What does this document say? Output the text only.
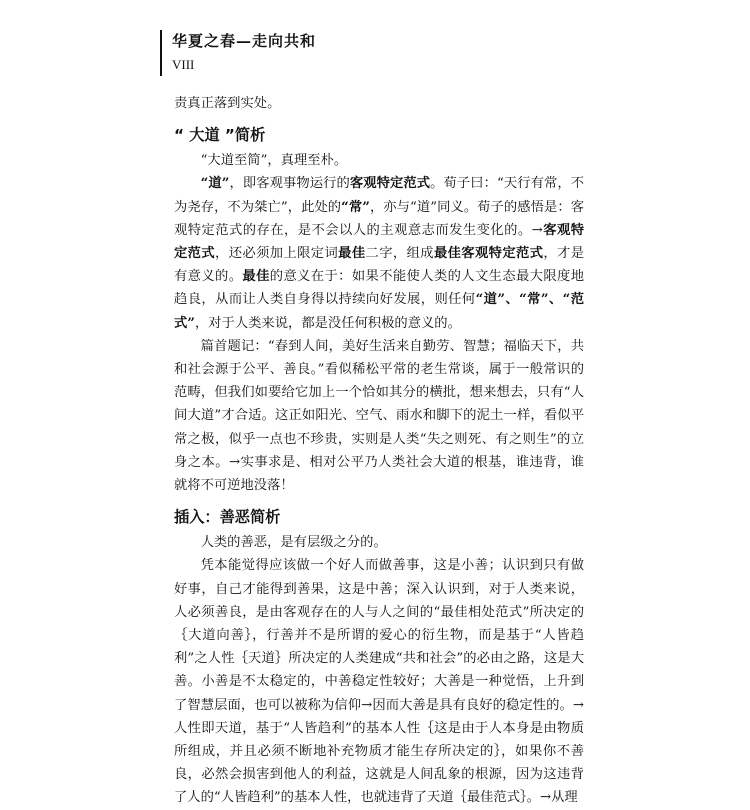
华夏之春—走向共和
VIII

责真正落到实处。

“ 大道 ”简析

“大道至简”，真理至朴。

“道”，即客观事物运行的客观特定范式。荀子曰：“天行有常，不为尧存，不为桀亡”，此处的“常”，亦与“道”同义。荀子的感悟是：客观特定范式的存在，是不会以人的主观意志而发生变化的。→客观特定范式，还必须加上限定词最佳二字，组成最佳客观特定范式，才是有意义的。最佳的意义在于：如果不能使人类的人文生态最大限度地趋良，从而让人类自身得以持续向好发展，则任何“道”、“常”、“范式”，对于人类来说，都是没任何积极的意义的。

篇首题记：“春到人间，美好生活来自勤劳、智慧；福临天下，共和社会源于公平、善良。”看似稀松平常的老生常谈，属于一般常识的范畴，但我们如要给它加上一个恰如其分的横批，想来想去，只有“人间大道”才合适。这正如阳光、空气、雨水和脚下的泥土一样，看似平常之极，似乎一点也不珍贵，实则是人类“失之则死、有之则生”的立身之本。→实事求是、相对公平乃人类社会大道的根基，谁违背，谁就将不可逆地没落！

插入：善恶简析

人类的善恶，是有层级之分的。

凭本能觉得应该做一个好人而做善事，这是小善；认识到只有做好事，自己才能得到善果，这是中善；深入认识到，对于人类来说，人必须善良，是由客观存在的人与人之间的“最佳相处范式”所决定的｛大道向善｝，行善并不是所谓的爱心的衍生物，而是基于“人皆趋利”之人性｛天道｝所决定的人类建成“共和社会”的必由之路，这是大善。小善是不太稳定的，中善稳定性较好；大善是一种觉悟，上升到了智慧层面，也可以被称为信仰→因而大善是具有良好的稳定性的。→人性即天道，基于“人皆趋利”的基本人性｛这是由于人本身是由物质所组成，并且必须不断地补充物质才能生存所决定的｝，如果你不善良，必然会损害到他人的利益，这就是人间乱象的根源，因为这违背了人的“人皆趋利”的基本人性，也就违背了天道｛最佳范式｝。→从理
